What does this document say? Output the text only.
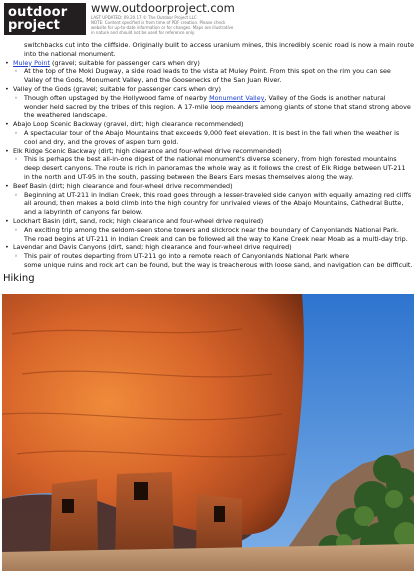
outdoor
project
www.outdoorproject.com
LAST UPDATED: 09.20.17 © The Outdoor Project LLC
NOTE: Content specified is from time of PDF creation. Please check
website for up-to-date information or for changes. Maps are illustrative
in nature and should not be used for reference only.
switchbacks cut into the cliffside. Originally built to access uranium mines, this incredibly scenic road is now a main route
into the national monument.
• Muley Point (gravel; suitable for passenger cars when dry)
◦ At the top of the Moki Dugway, a side road leads to the vista at Muley Point. From this spot on the rim you can see
Valley of the Gods, Monument Valley, and the Goosenecks of the San Juan River.
• Valley of the Gods (gravel; suitable for passenger cars when dry)
◦ Though often upstaged by the Hollywood fame of nearby Monument Valley, Valley of the Gods is another natural
wonder held sacred by the tribes of this region. A 17-mile loop meanders among giants of stone that stand strong above
the weathered landscape.
• Abajo Loop Scenic Backway (gravel, dirt; high clearance recommended)
◦ A spectacular tour of the Abajo Mountains that exceeds 9,000 feet elevation. It is best in the fall when the weather is
cool and dry, and the groves of aspen turn gold.
• Elk Ridge Scenic Backway (dirt; high clearance and four-wheel drive recommended)
◦ This is perhaps the best all-in-one digest of the national monument's diverse scenery, from high forested mountains
deep desert canyons. The route is rich in panoramas the whole way as it follows the crest of Elk Ridge between UT-211
in the north and UT-95 in the south, passing between the Bears Ears mesas themselves along the way.
• Beef Basin (dirt; high clearance and four-wheel drive recommended)
◦ Beginning at UT-211 in Indian Creek, this road goes through a lesser-traveled side canyon with equally amazing red cliffs
all around, then makes a bold climb into the high country for unrivaled views of the Abajo Mountains, Cathedral Butte,
and a labyrinth of canyons far below.
• Lockhart Basin (dirt, sand, rock; high clearance and four-wheel drive required)
◦ An exciting trip among the seldom-seen stone towers and slickrock near the boundary of Canyonlands National Park.
The road begins at UT-211 in Indian Creek and can be followed all the way to Kane Creek near Moab as a multi-day trip.
• Lavendar and Davis Canyons (dirt, sand; high clearance and four-wheel drive required)
◦ This pair of routes departing from UT-211 go into a remote reach of Canyonlands National Park where
some unique ruins and rock art can be found, but the way is treacherous with loose sand, and navigation can be difficult.
Hiking
